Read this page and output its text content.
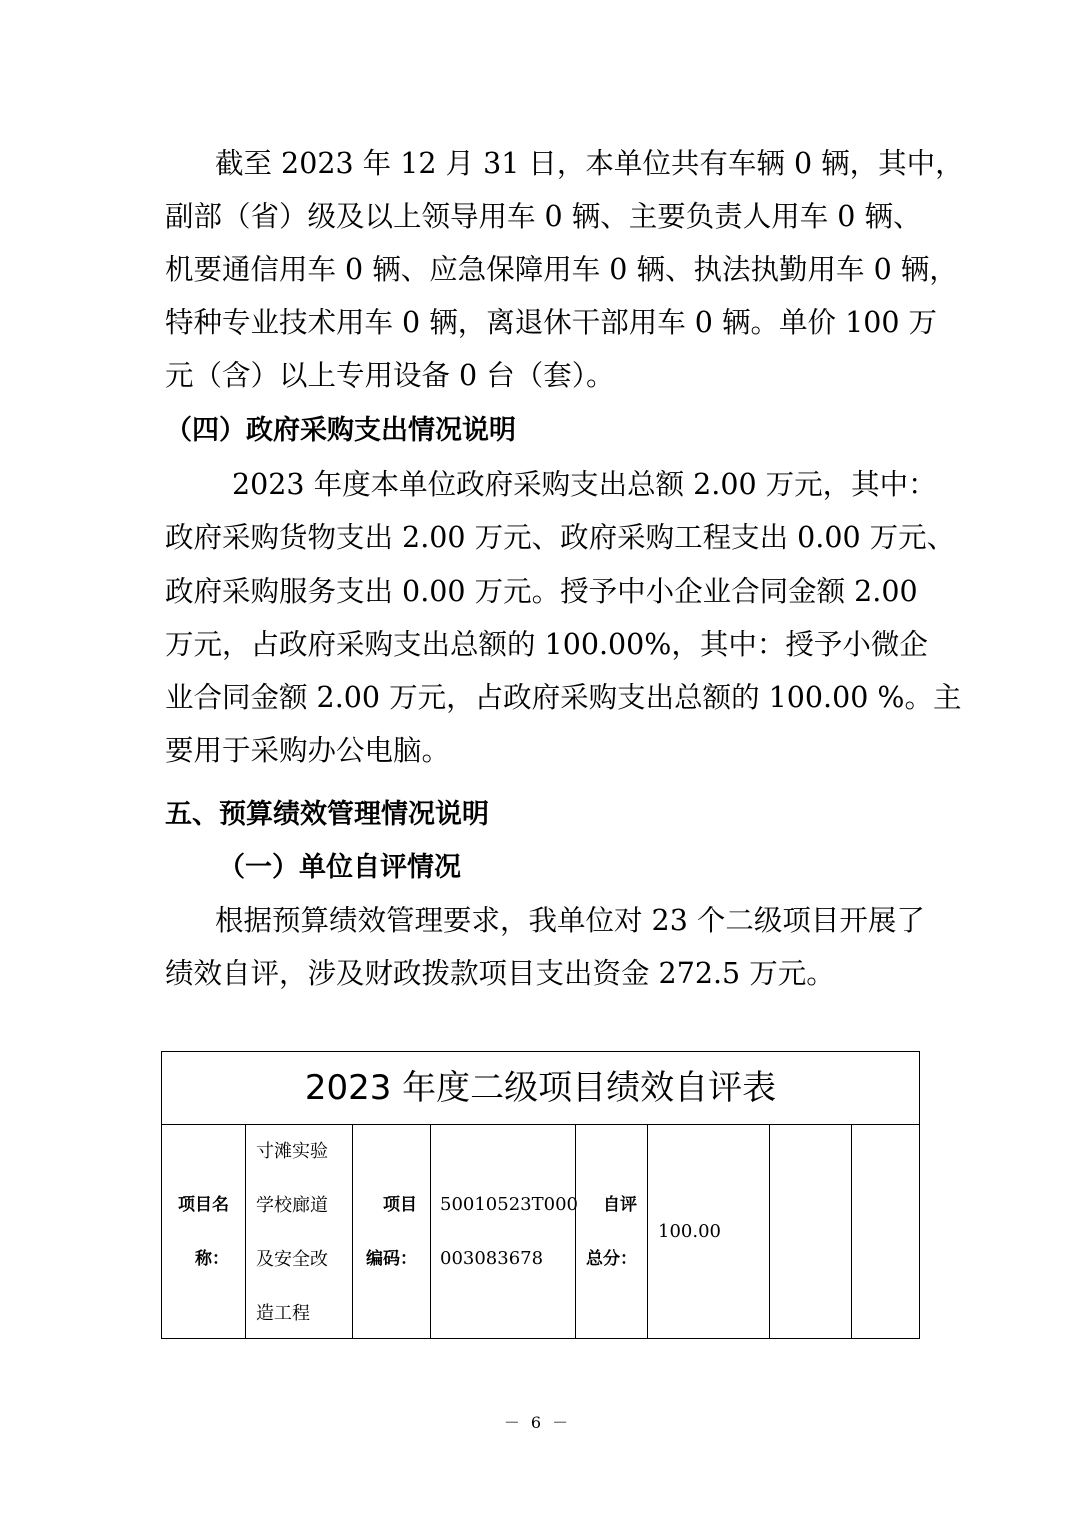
截至 2023 年 12 月 31 日，本单位共有车辆 0 辆，其中，
副部（省）级及以上领导用车 0 辆、主要负责人用车 0 辆、
机要通信用车 0 辆、应急保障用车 0 辆、执法执勤用车 0 辆，
特种专业技术用车 0 辆，离退休干部用车 0 辆。单价 100 万
元（含）以上专用设备 0 台（套）。
（四）政府采购支出情况说明
2023 年度本单位政府采购支出总额 2.00 万元，其中：
政府采购货物支出 2.00 万元、政府采购工程支出 0.00 万元、
政府采购服务支出 0.00 万元。授予中小企业合同金额 2.00
万元，占政府采购支出总额的 100.00%，其中：授予小微企
业合同金额 2.00 万元，占政府采购支出总额的 100.00 %。主
要用于采购办公电脑。
五、预算绩效管理情况说明
（一）单位自评情况
根据预算绩效管理要求，我单位对 23 个二级项目开展了
绩效自评，涉及财政拨款项目支出资金 272.5 万元。
2023 年度二级项目绩效自评表
项目名
称：
寸滩实验
学校廊道
及安全改
造工程
项目
编码：
50010523T000
003083678
自评
总分：
100.00
－ 6 －
